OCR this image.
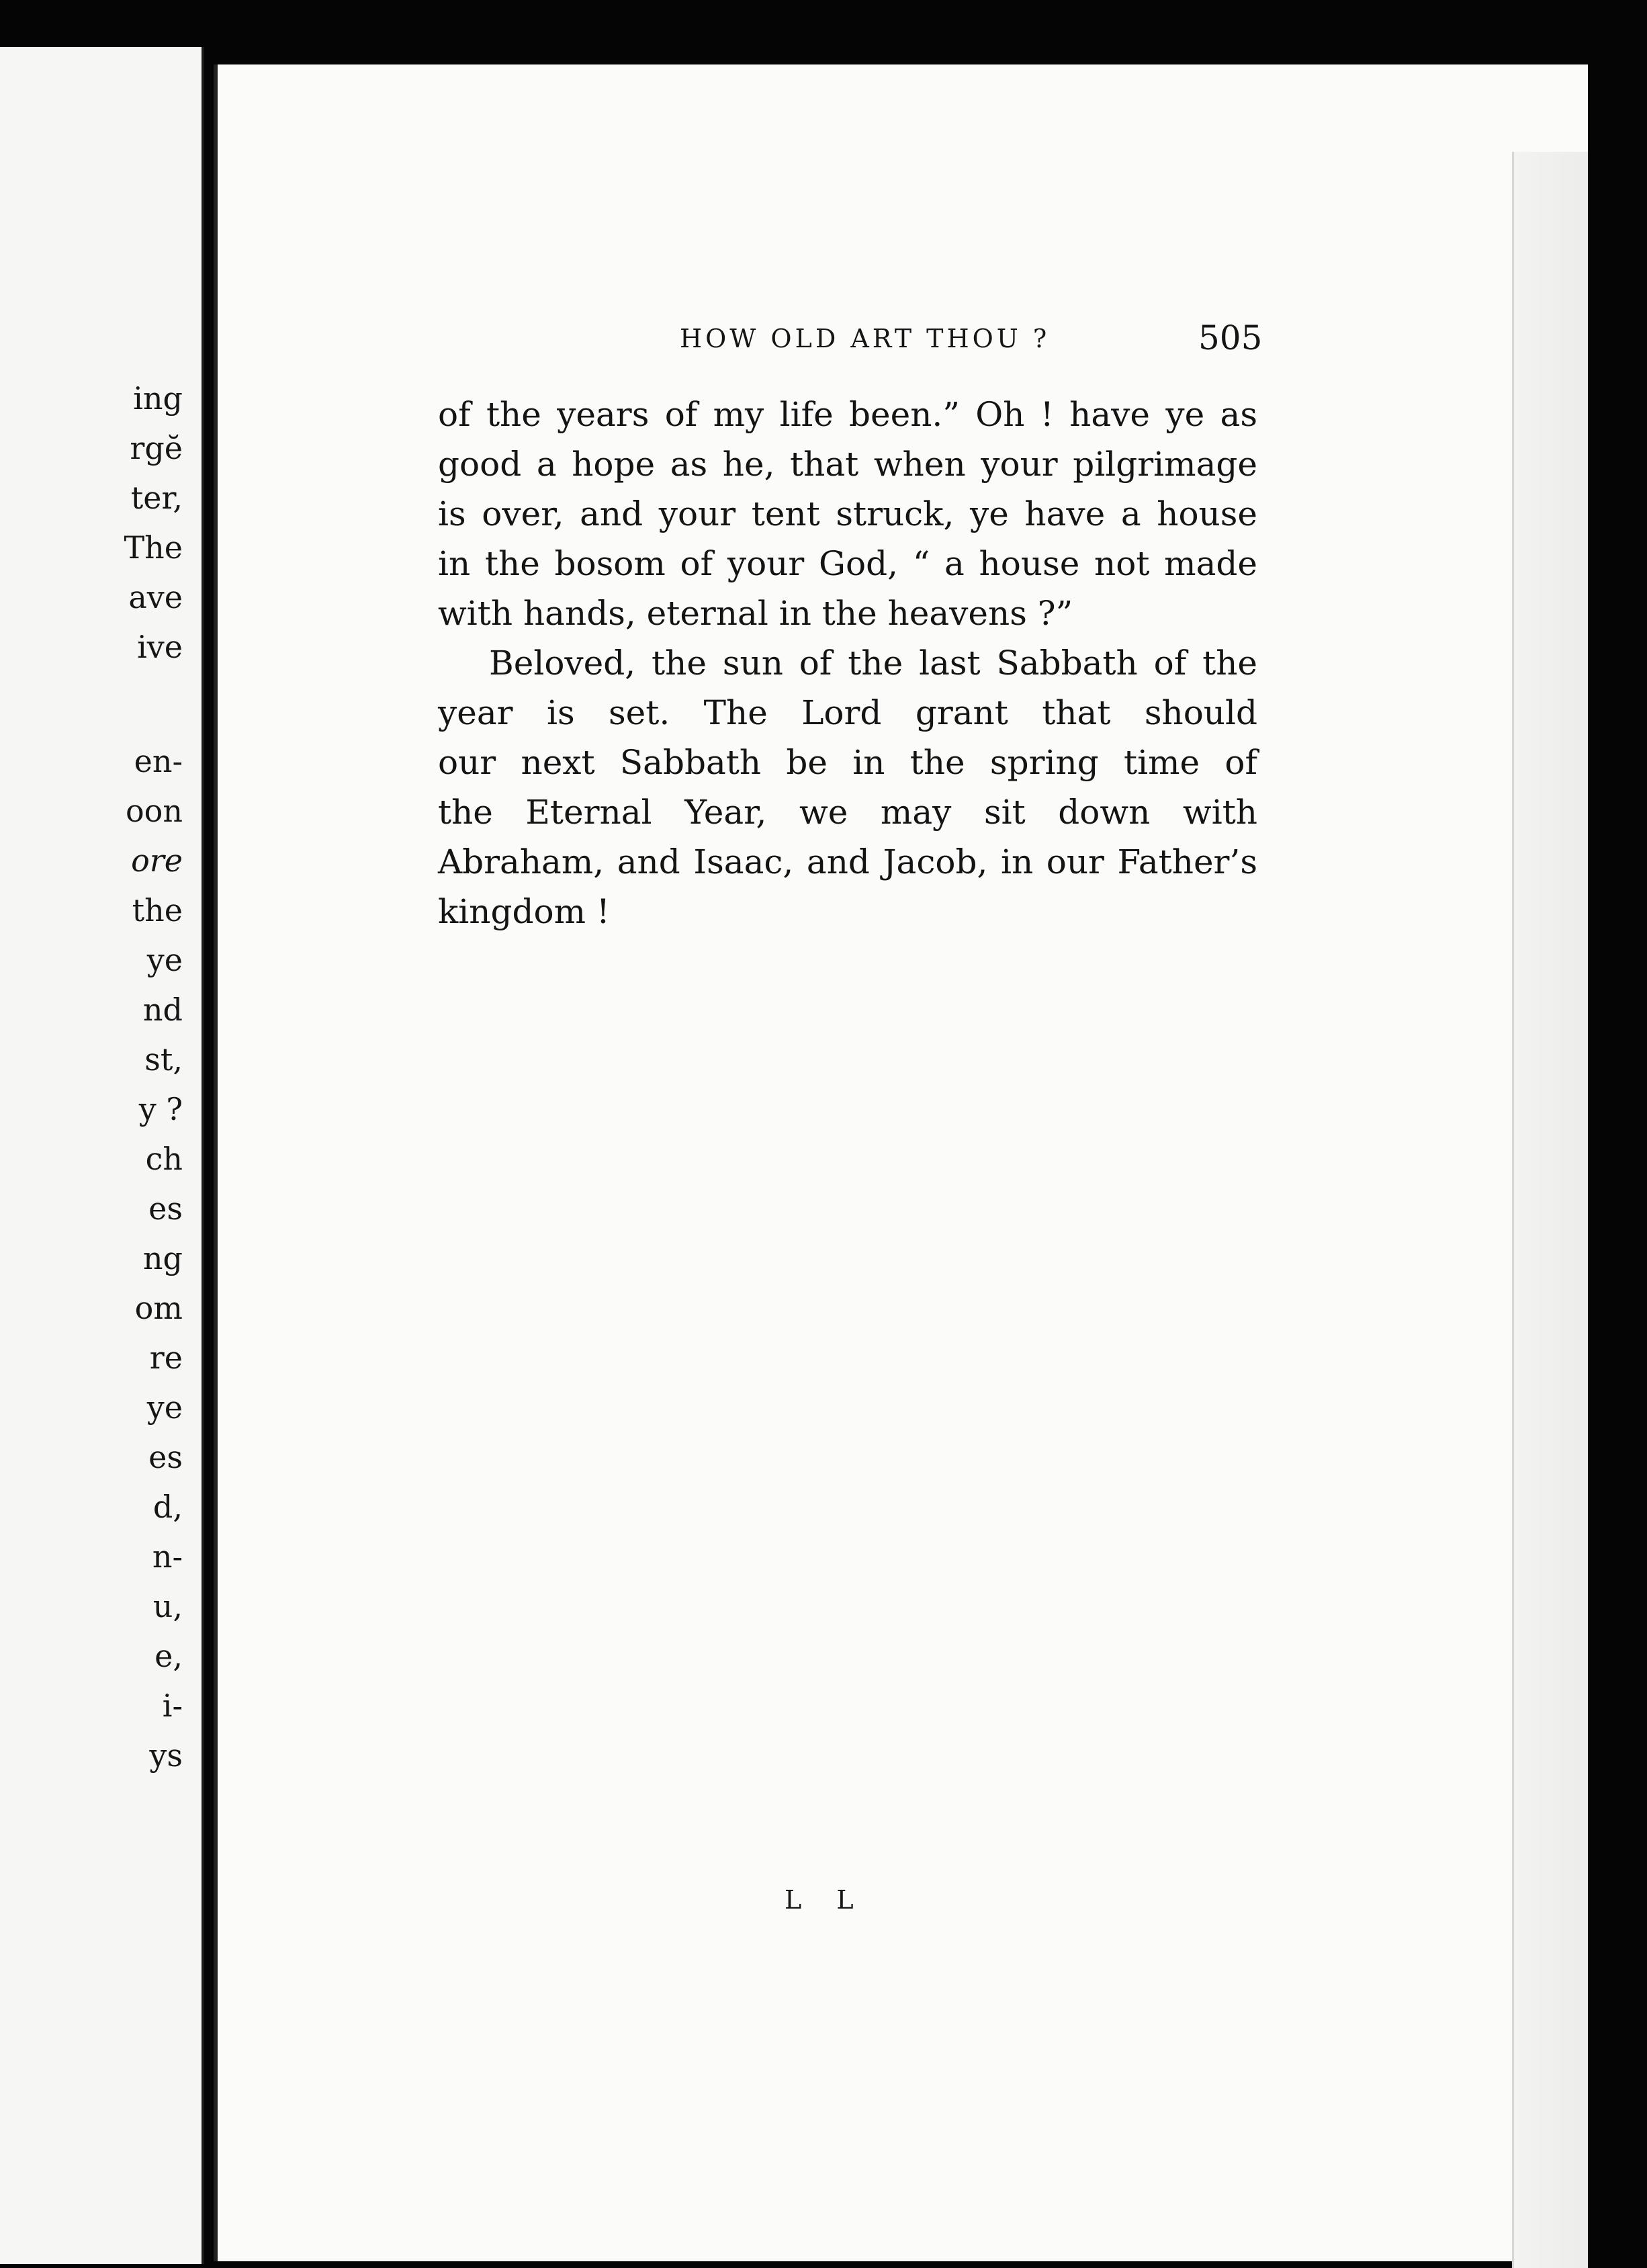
ing
rgĕ
ter,
The
ave
ive
en-
oon
ore
the
ye
nd
st,
y ?
ch
es
ng
om
re
ye
es
d,
n-
u,
e,
i-
ys
HOW OLD ART THOU ?	505
of the years of my life been.” Oh ! have ye as
good a hope as he, that when your pilgrimage
is over, and your tent struck, ye have a house
in the bosom of your God, “ a house not made
with hands, eternal in the heavens ?”
Beloved, the sun of the last Sabbath of the
year is set. The Lord grant that should
our next Sabbath be in the spring time of
the Eternal Year, we may sit down with
Abraham, and Isaac, and Jacob, in our Father’s
kingdom !
L L
